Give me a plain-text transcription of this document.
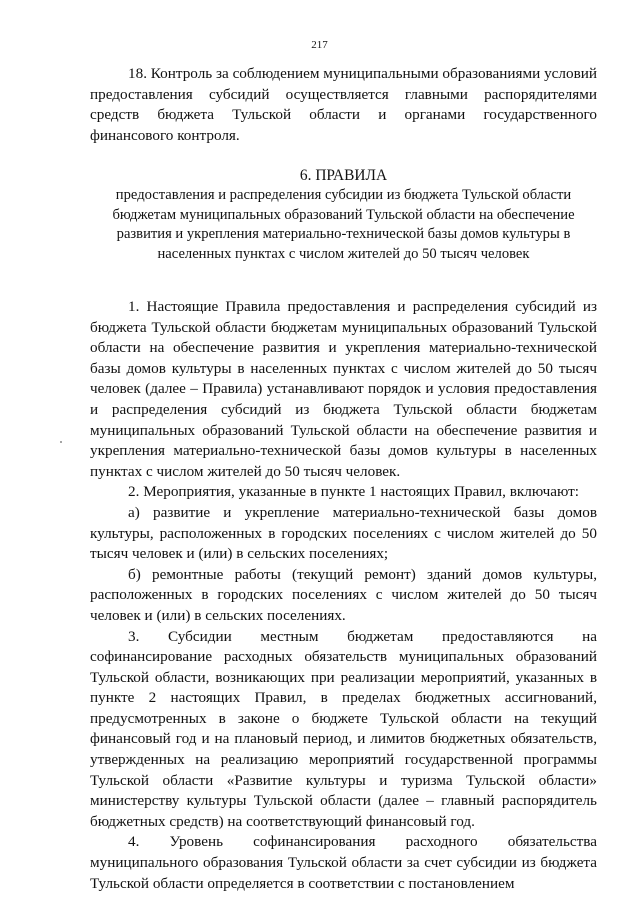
217

18. Контроль за соблюдением муниципальными образованиями условий предоставления субсидий осуществляется главными распорядителями средств бюджета Тульской области и органами государственного финансового контроля.

6. ПРАВИЛА

предоставления и распределения субсидии из бюджета Тульской области бюджетам муниципальных образований Тульской области на обеспечение развития и укрепления материально-технической базы домов культуры в населенных пунктах с числом жителей до 50 тысяч человек

1. Настоящие Правила предоставления и распределения субсидий из бюджета Тульской области бюджетам муниципальных образований Тульской области на обеспечение развития и укрепления материально-технической базы домов культуры в населенных пунктах с числом жителей до 50 тысяч человек (далее – Правила) устанавливают порядок и условия предоставления и распределения субсидий из бюджета Тульской области бюджетам муниципальных образований Тульской области на обеспечение развития и укрепления материально-технической базы домов культуры в населенных пунктах с числом жителей до 50 тысяч человек.

2. Мероприятия, указанные в пункте 1 настоящих Правил, включают:

а) развитие и укрепление материально-технической базы домов культуры, расположенных в городских поселениях с числом жителей до 50 тысяч человек и (или) в сельских поселениях;

б) ремонтные работы (текущий ремонт) зданий домов культуры, расположенных в городских поселениях с числом жителей до 50 тысяч человек и (или) в сельских поселениях.

3. Субсидии местным бюджетам предоставляются на софинансирование расходных обязательств муниципальных образований Тульской области, возникающих при реализации мероприятий, указанных в пункте 2 настоящих Правил, в пределах бюджетных ассигнований, предусмотренных в законе о бюджете Тульской области на текущий финансовый год и на плановый период, и лимитов бюджетных обязательств, утвержденных на реализацию мероприятий государственной программы Тульской области «Развитие культуры и туризма Тульской области» министерству культуры Тульской области (далее – главный распорядитель бюджетных средств) на соответствующий финансовый год.

4. Уровень софинансирования расходного обязательства муниципального образования Тульской области за счет субсидии из бюджета Тульской области определяется в соответствии с постановлением
